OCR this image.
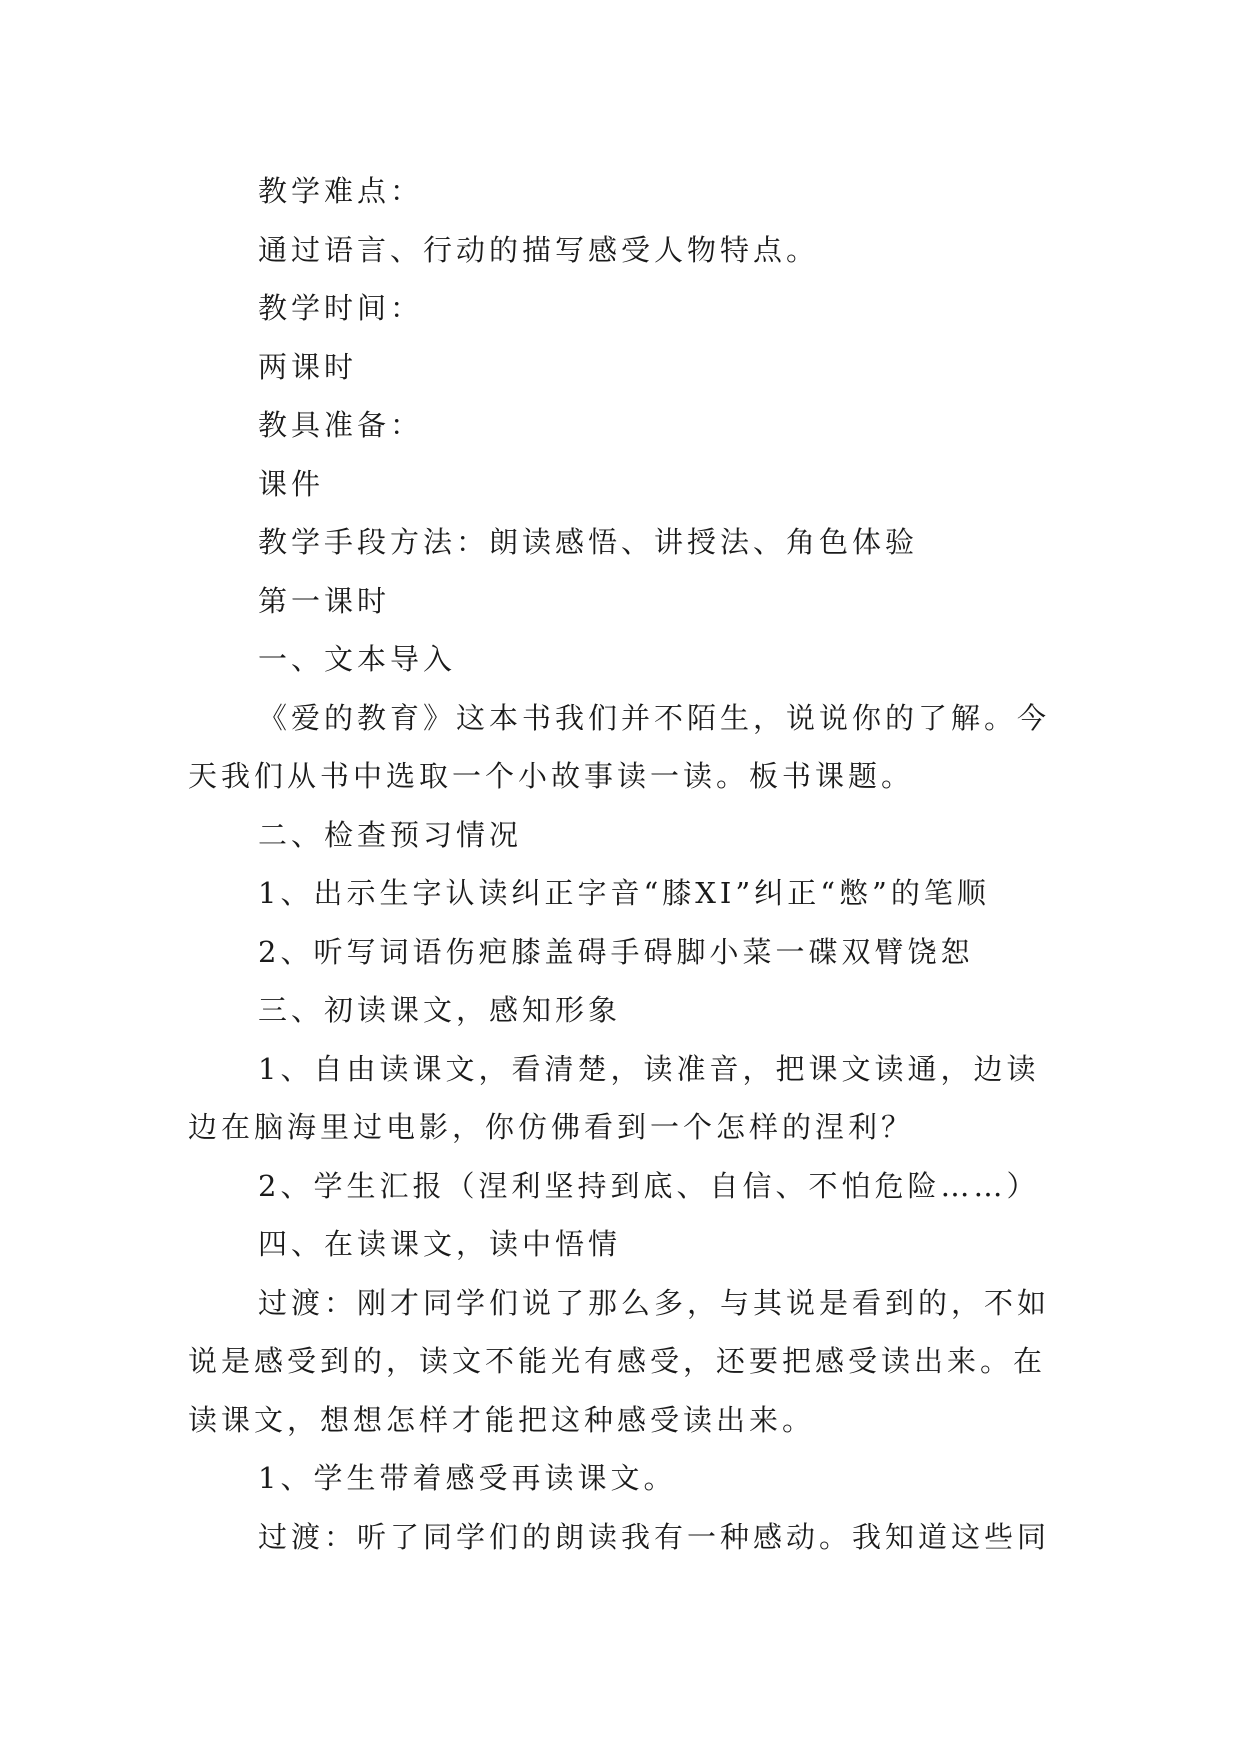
教学难点：

通过语言、行动的描写感受人物特点。

教学时间：

两课时

教具准备：

课件

教学手段方法：朗读感悟、讲授法、角色体验

第一课时

一、文本导入

《爱的教育》这本书我们并不陌生，说说你的了解。今天我们从书中选取一个小故事读一读。板书课题。

二、检查预习情况

1、出示生字认读纠正字音“膝XI”纠正“憋”的笔顺

2、听写词语伤疤膝盖碍手碍脚小菜一碟双臂饶恕

三、初读课文，感知形象

1、自由读课文，看清楚，读准音，把课文读通，边读边在脑海里过电影，你仿佛看到一个怎样的涅利？

2、学生汇报（涅利坚持到底、自信、不怕危险……）

四、在读课文，读中悟情

过渡：刚才同学们说了那么多，与其说是看到的，不如说是感受到的，读文不能光有感受，还要把感受读出来。在读课文，想想怎样才能把这种感受读出来。

1、学生带着感受再读课文。

过渡：听了同学们的朗读我有一种感动。我知道这些同
